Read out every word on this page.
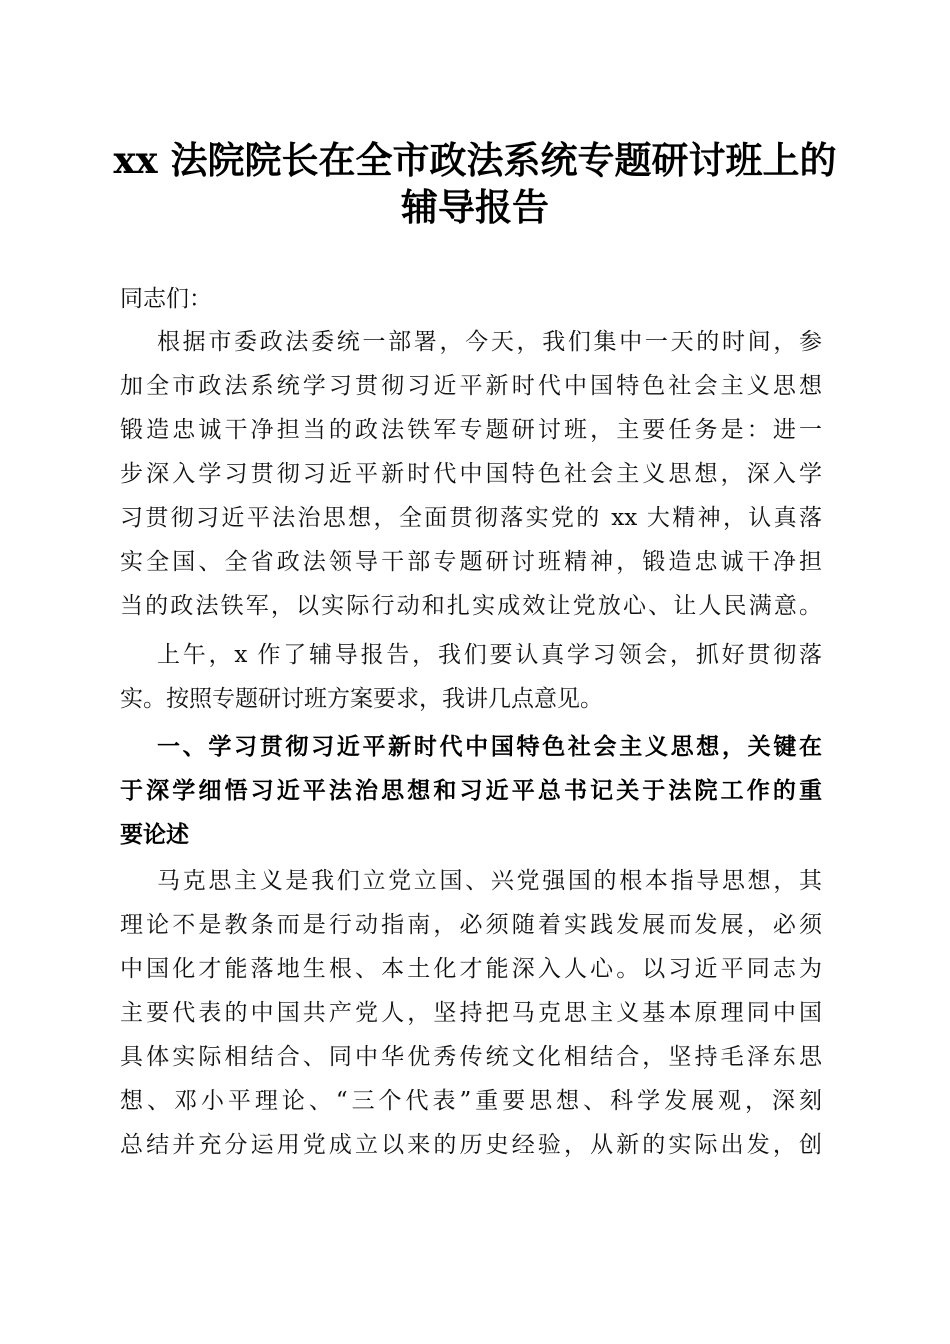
xx 法院院长在全市政法系统专题研讨班上的
辅导报告
同志们：
根据市委政法委统一部署，今天，我们集中一天的时间，参
加全市政法系统学习贯彻习近平新时代中国特色社会主义思想
锻造忠诚干净担当的政法铁军专题研讨班，主要任务是：进一
步深入学习贯彻习近平新时代中国特色社会主义思想，深入学
习贯彻习近平法治思想，全面贯彻落实党的 xx 大精神，认真落
实全国、全省政法领导干部专题研讨班精神，锻造忠诚干净担
当的政法铁军，以实际行动和扎实成效让党放心、让人民满意。
上午，x 作了辅导报告，我们要认真学习领会，抓好贯彻落
实。按照专题研讨班方案要求，我讲几点意见。
一、学习贯彻习近平新时代中国特色社会主义思想，关键在
于深学细悟习近平法治思想和习近平总书记关于法院工作的重
要论述
马克思主义是我们立党立国、兴党强国的根本指导思想，其
理论不是教条而是行动指南，必须随着实践发展而发展，必须
中国化才能落地生根、本土化才能深入人心。以习近平同志为
主要代表的中国共产党人，坚持把马克思主义基本原理同中国
具体实际相结合、同中华优秀传统文化相结合，坚持毛泽东思
想、邓小平理论、“三个代表”重要思想、科学发展观，深刻
总结并充分运用党成立以来的历史经验，从新的实际出发，创
